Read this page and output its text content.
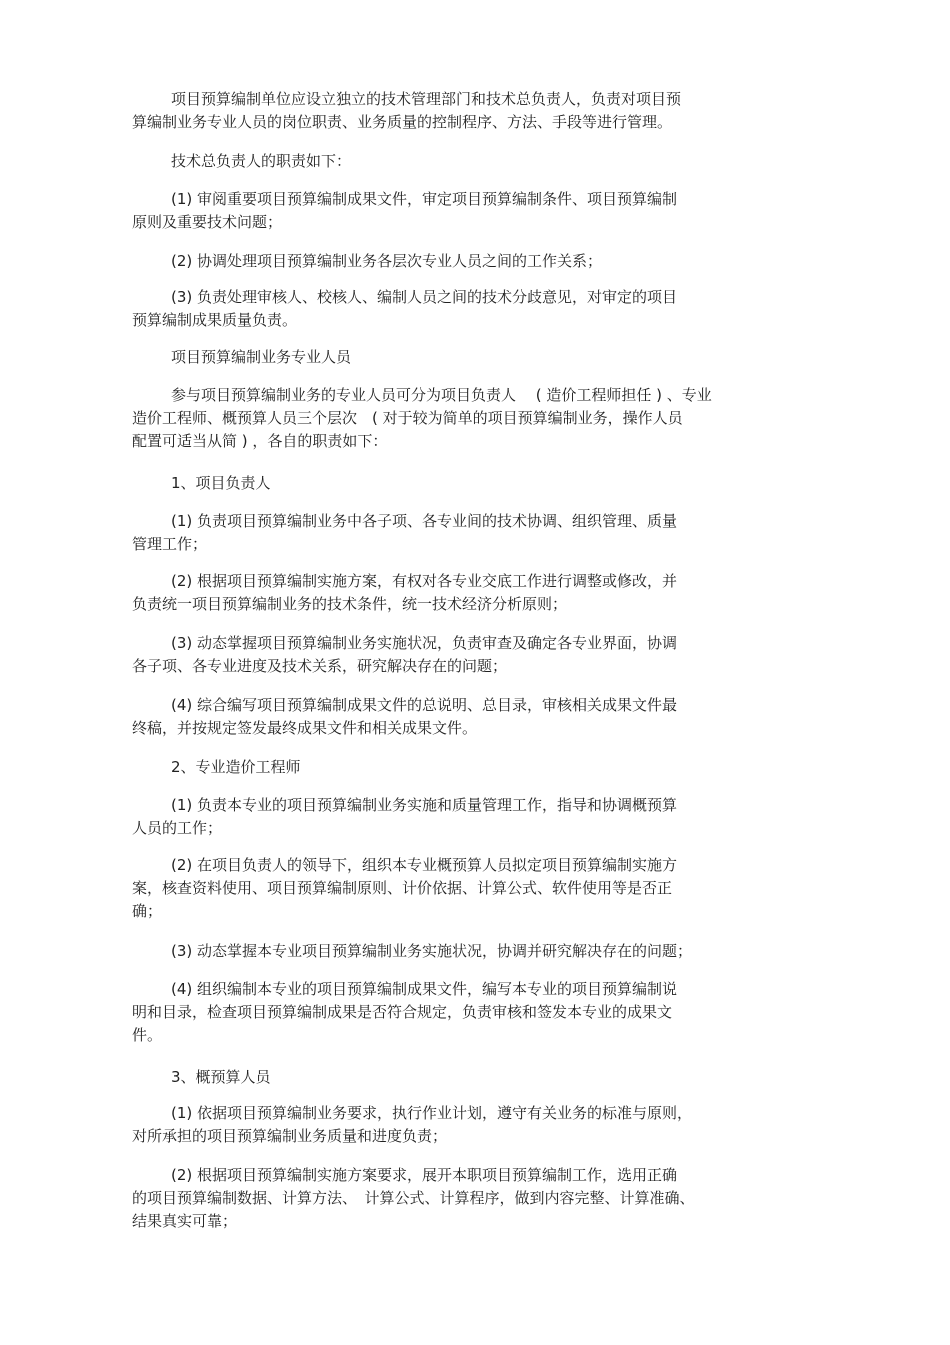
项目预算编制单位应设立独立的技术管理部门和技术总负责人，负责对项目预
算编制业务专业人员的岗位职责、业务质量的控制程序、方法、手段等进行管理。
技术总负责人的职责如下：
(1) 审阅重要项目预算编制成果文件，审定项目预算编制条件、项目预算编制
原则及重要技术问题；
(2) 协调处理项目预算编制业务各层次专业人员之间的工作关系；
(3) 负责处理审核人、校核人、编制人员之间的技术分歧意见，对审定的项目
预算编制成果质量负责。
项目预算编制业务专业人员
参与项目预算编制业务的专业人员可分为项目负责人　 ( 造价工程师担任 ) 、专业
造价工程师、概预算人员三个层次　( 对于较为简单的项目预算编制业务，操作人员
配置可适当从简 ) ，各自的职责如下：
1、项目负责人
(1) 负责项目预算编制业务中各子项、各专业间的技术协调、组织管理、质量
管理工作；
(2) 根据项目预算编制实施方案，有权对各专业交底工作进行调整或修改，并
负责统一项目预算编制业务的技术条件，统一技术经济分析原则；
(3) 动态掌握项目预算编制业务实施状况，负责审查及确定各专业界面，协调
各子项、各专业进度及技术关系，研究解决存在的问题；
(4) 综合编写项目预算编制成果文件的总说明、总目录，审核相关成果文件最
终稿，并按规定签发最终成果文件和相关成果文件。
2、专业造价工程师
(1) 负责本专业的项目预算编制业务实施和质量管理工作，指导和协调概预算
人员的工作；
(2) 在项目负责人的领导下，组织本专业概预算人员拟定项目预算编制实施方
案，核查资料使用、项目预算编制原则、计价依据、计算公式、软件使用等是否正
确；
(3) 动态掌握本专业项目预算编制业务实施状况，协调并研究解决存在的问题；
(4) 组织编制本专业的项目预算编制成果文件，编写本专业的项目预算编制说
明和目录，检查项目预算编制成果是否符合规定，负责审核和签发本专业的成果文
件。
3、概预算人员
(1) 依据项目预算编制业务要求，执行作业计划，遵守有关业务的标准与原则，
对所承担的项目预算编制业务质量和进度负责；
(2) 根据项目预算编制实施方案要求，展开本职项目预算编制工作，选用正确
的项目预算编制数据、计算方法、　计算公式、计算程序，做到内容完整、计算准确、
结果真实可靠；
